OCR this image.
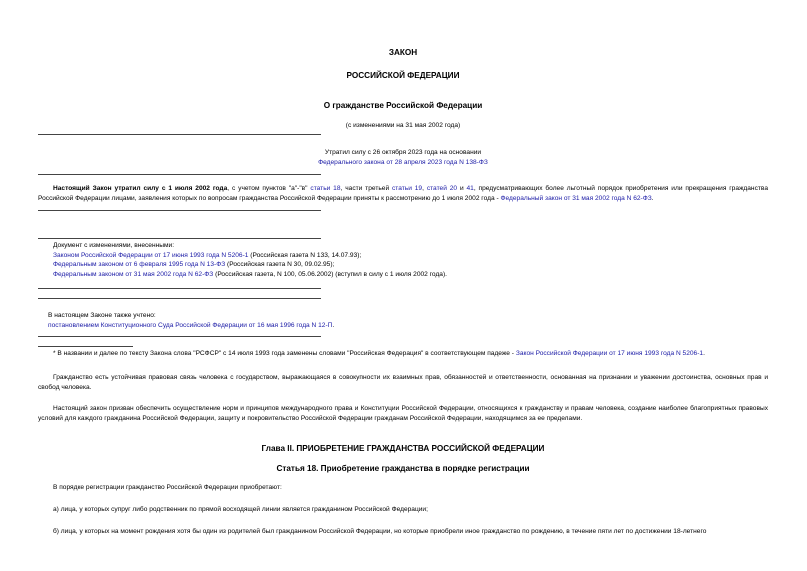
ЗАКОН
РОССИЙСКОЙ ФЕДЕРАЦИИ
О гражданстве Российской Федерации
(с изменениями на 31 мая 2002 года)
Утратил силу с 26 октября 2023 года на основании
Федерального закона от 28 апреля 2023 года N 138-ФЗ
Настоящий Закон утратил силу с 1 июля 2002 года, с учетом пунктов "а"-"в" статьи 18, части третьей статьи 19, статей 20 и 41, предусматривающих более льготный порядок приобретения или прекращения гражданства Российской Федерации лицами, заявления которых по вопросам гражданства Российской Федерации приняты к рассмотрению до 1 июля 2002 года - Федеральный закон от 31 мая 2002 года N 62-ФЗ.
Документ с изменениями, внесенными:
Законом Российской Федерации от 17 июня 1993 года N 5206-1 (Российская газета N 133, 14.07.93);
Федеральным законом от 6 февраля 1995 года N 13-ФЗ (Российская газета N 30, 09.02.95);
Федеральным законом от 31 мая 2002 года N 62-ФЗ (Российская газета, N 100, 05.06.2002) (вступил в силу с 1 июля 2002 года).
В настоящем Законе также учтено:
постановлением Конституционного Суда Российской Федерации от 16 мая 1996 года N 12-П.
* В названии и далее по тексту Закона слова "РСФСР" с 14 июля 1993 года заменены словами "Российская Федерация" в соответствующем падеже - Закон Российской Федерации от 17 июня 1993 года N 5206-1.
Гражданство есть устойчивая правовая связь человека с государством, выражающаяся в совокупности их взаимных прав, обязанностей и ответственности, основанная на признании и уважении достоинства, основных прав и свобод человека.
Настоящий закон призван обеспечить осуществление норм и принципов международного права и Конституции Российской Федерации, относящихся к гражданству и правам человека, создание наиболее благоприятных правовых условий для каждого гражданина Российской Федерации, защиту и покровительство Российской Федерации гражданам Российской Федерации, находящимся за ее пределами.
Глава II. ПРИОБРЕТЕНИЕ ГРАЖДАНСТВА РОССИЙСКОЙ ФЕДЕРАЦИИ
Статья 18. Приобретение гражданства в порядке регистрации
В порядке регистрации гражданство Российской Федерации приобретают:
а) лица, у которых супруг либо родственник по прямой восходящей линии является гражданином Российской Федерации;
б) лица, у которых на момент рождения хотя бы один из родителей был гражданином Российской Федерации, но которые приобрели иное гражданство по рождению, в течение пяти лет по достижении 18-летнего
